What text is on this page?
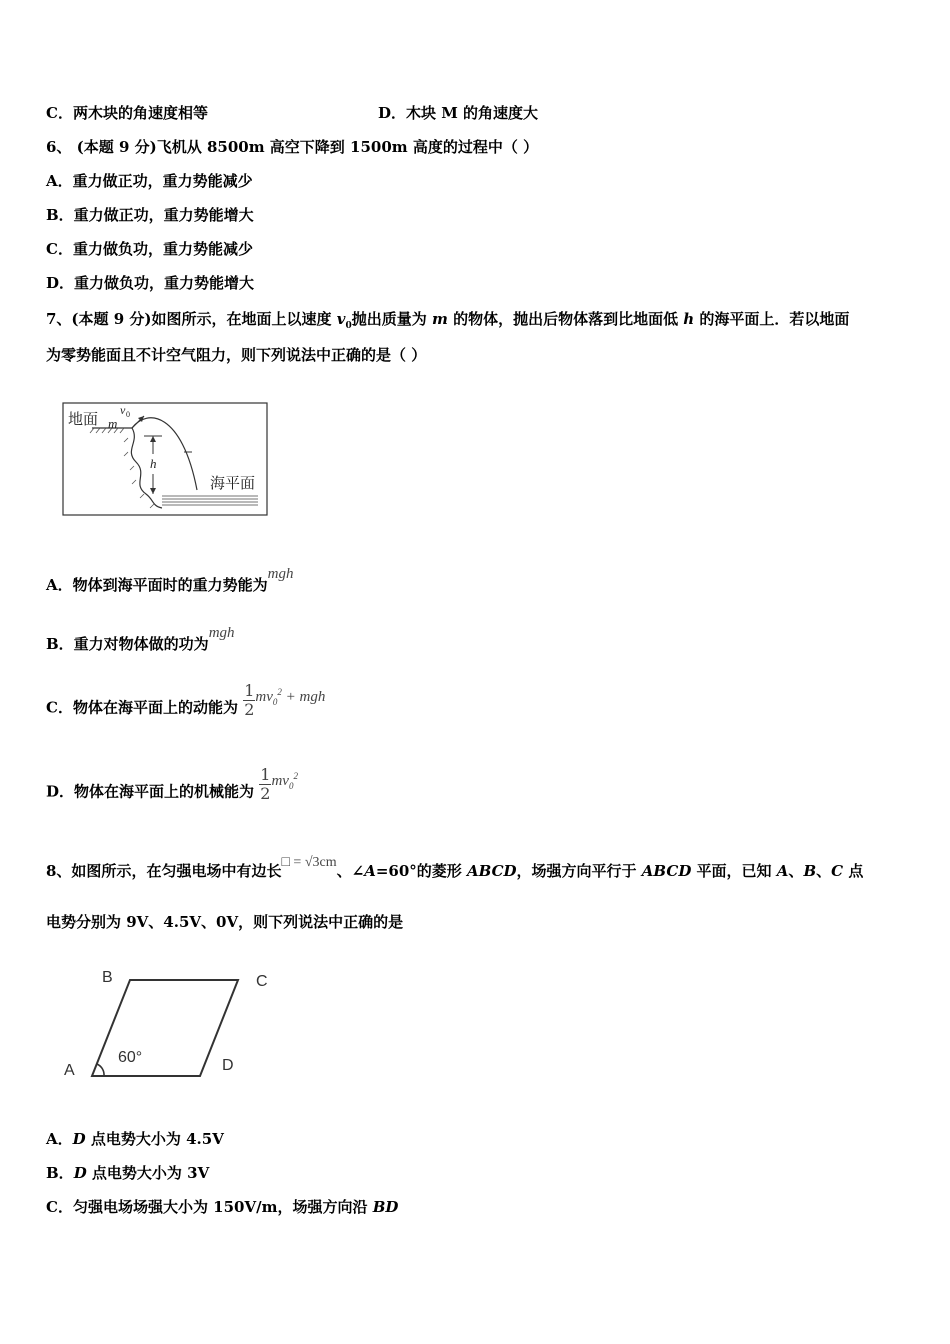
C．两木块的角速度相等	D．木块 M 的角速度大
6、 (本题 9 分)飞机从 8500m 高空下降到 1500m 高度的过程中（ ）
A．重力做正功，重力势能减少
B．重力做正功，重力势能增大
C．重力做负功，重力势能减少
D．重力做负功，重力势能增大
7、(本题 9 分)如图所示，在地面上以速度 $v_0$抛出质量为 m 的物体，抛出后物体落到比地面低 h 的海平面上．若以地面
为零势能面且不计空气阻力，则下列说法中正确的是（ ）
地面 m
v 0
h
海平面
A．物体到海平面时的重力势能为mgh
B．重力对物体做的功为mgh
C．物体在海平面上的动能为 $\frac{1}{2} mv_0^2$ + mgh
D．物体在海平面上的机械能为 $\frac{1}{2} mv_0^2$
8、如图所示，在匀强电场中有边长□ = √3cm、∠A=60°的菱形 ABCD，场强方向平行于 ABCD 平面，已知 A、B、C 点
电势分别为 9V、4.5V、0V，则下列说法中正确的是
B	C
A	D
60°
A．D 点电势大小为 4.5V
B．D 点电势大小为 3V
C．匀强电场场强大小为 150V/m，场强方向沿 BD
